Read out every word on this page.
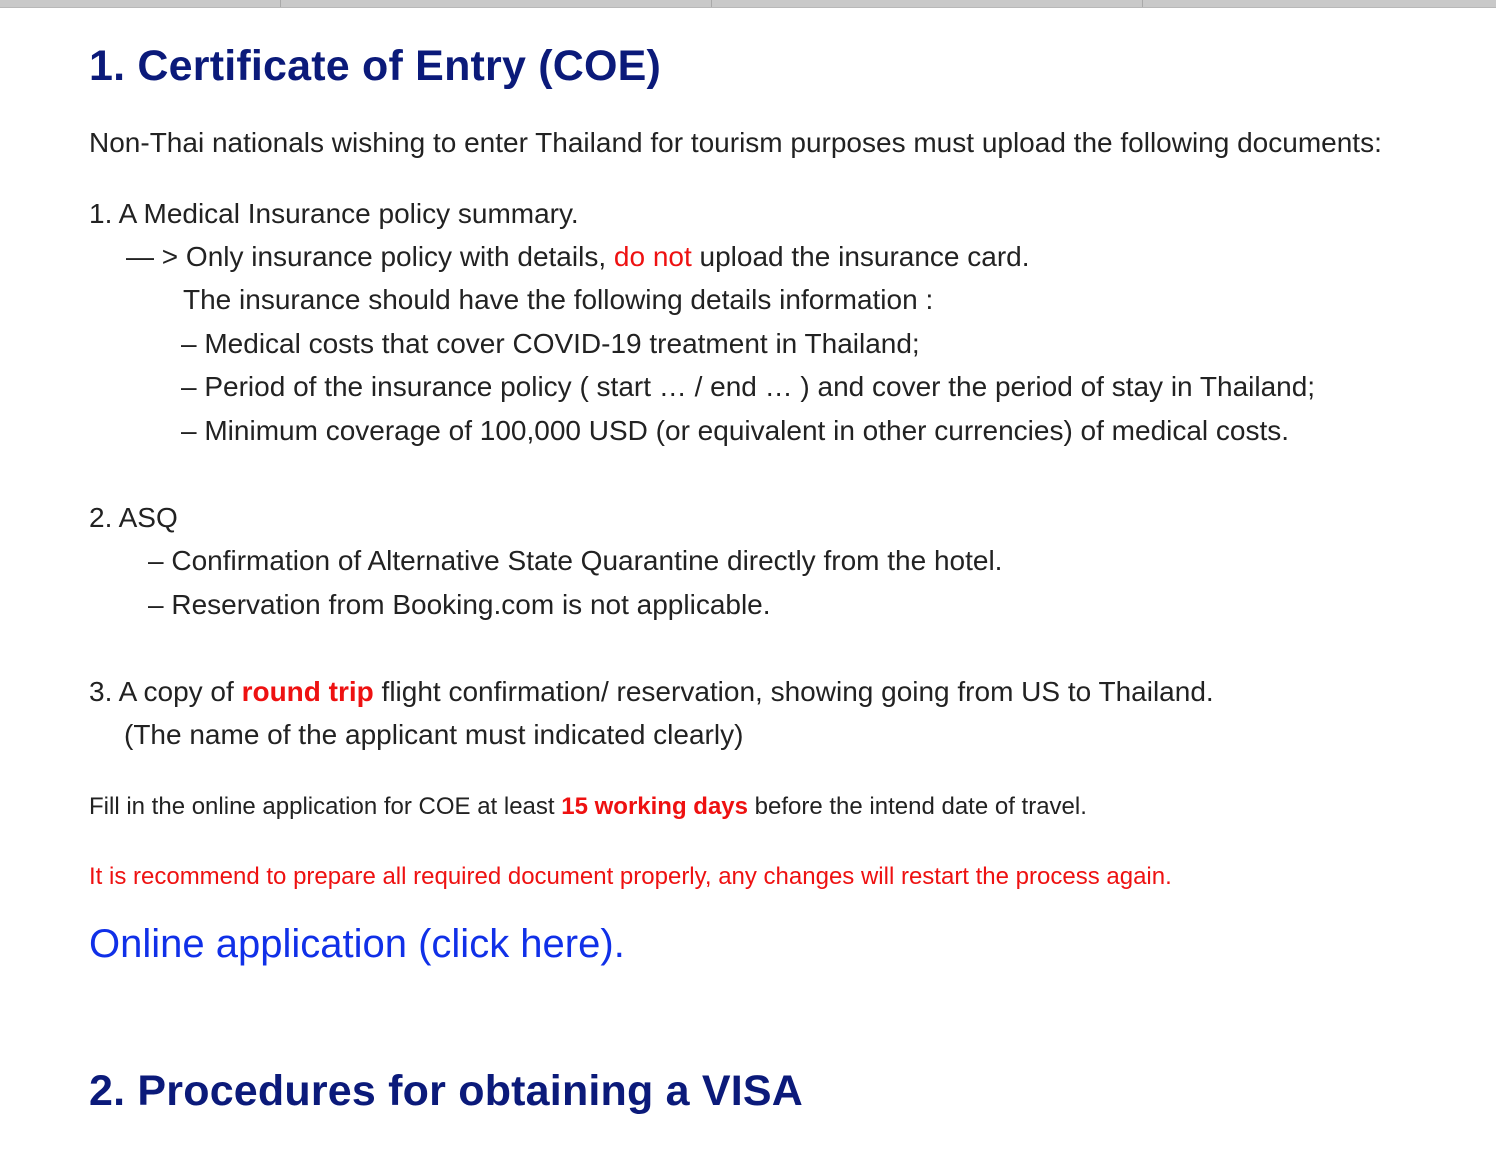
1. Certificate of Entry (COE)
Non-Thai nationals wishing to enter Thailand for tourism purposes must upload the following documents:
1. A Medical Insurance policy summary.
— > Only insurance policy with details, do not upload the insurance card.
The insurance should have the following details information :
– Medical costs that cover COVID-19 treatment in Thailand;
– Period of the insurance policy ( start … / end … ) and cover the period of stay in Thailand;
– Minimum coverage of 100,000 USD (or equivalent in other currencies) of medical costs.
2. ASQ
– Confirmation of Alternative State Quarantine directly from the hotel.
– Reservation from Booking.com is not applicable.
3. A copy of round trip flight confirmation/ reservation, showing going from US to Thailand.
(The name of the applicant must indicated clearly)
Fill in the online application for COE at least 15 working days before the intend date of travel.
It is recommend to prepare all required document properly, any changes will restart the process again.
Online application (click here).
2. Procedures for obtaining a VISA
